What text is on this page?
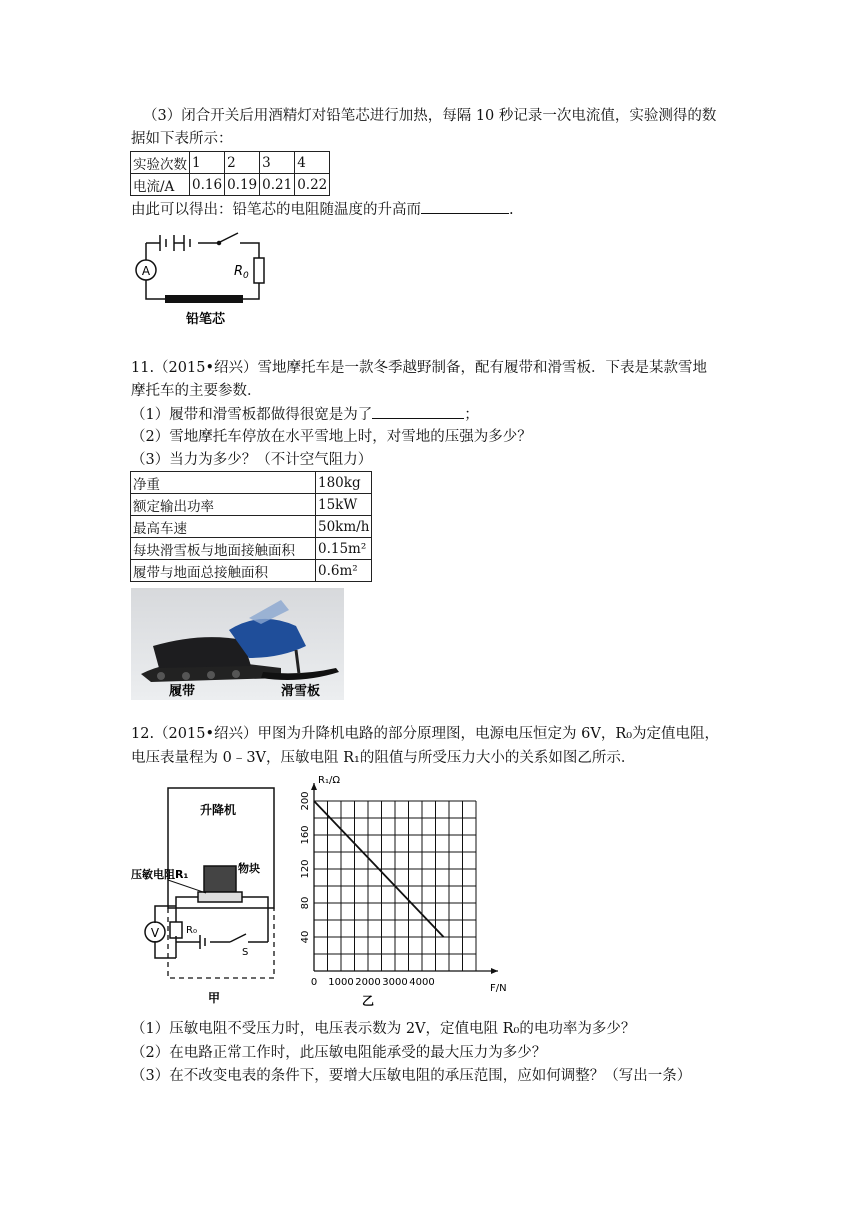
（3）闭合开关后用酒精灯对铅笔芯进行加热，每隔 10 秒记录一次电流值，实验测得的数
据如下表所示：
实验次数	1	2	3	4
电流/A	0.16	0.19	0.21	0.22
由此可以得出：铅笔芯的电阻随温度的升高而	.
A	$R_0$
铅笔芯
11.（2015•绍兴）雪地摩托车是一款冬季越野制备，配有履带和滑雪板．下表是某款雪地
摩托车的主要参数．
（1）履带和滑雪板都做得很宽是为了	；
（2）雪地摩托车停放在水平雪地上时，对雪地的压强为多少？
（3）当力为多少？（不计空气阻力）
净重	180kg
额定输出功率	15kW
最高车速	50km/h
每块滑雪板与地面接触面积	0.15m²
履带与地面总接触面积	0.6m²
履带	滑雪板
12.（2015•绍兴）甲图为升降机电路的部分原理图，电源电压恒定为 6V，R₀为定值电阻，
电压表量程为 0﹣3V，压敏电阻 R₁的阻值与所受压力大小的关系如图乙所示．
升降机
压敏电阻R₁	物块
V	R₀
S
甲
0 1000 2000 3000 4000
40
80
120
160
200
F/N
R₁/Ω
乙
（1）压敏电阻不受压力时，电压表示数为 2V，定值电阻 R₀的电功率为多少？
（2）在电路正常工作时，此压敏电阻能承受的最大压力为多少？
（3）在不改变电表的条件下，要增大压敏电阻的承压范围，应如何调整？（写出一条）
